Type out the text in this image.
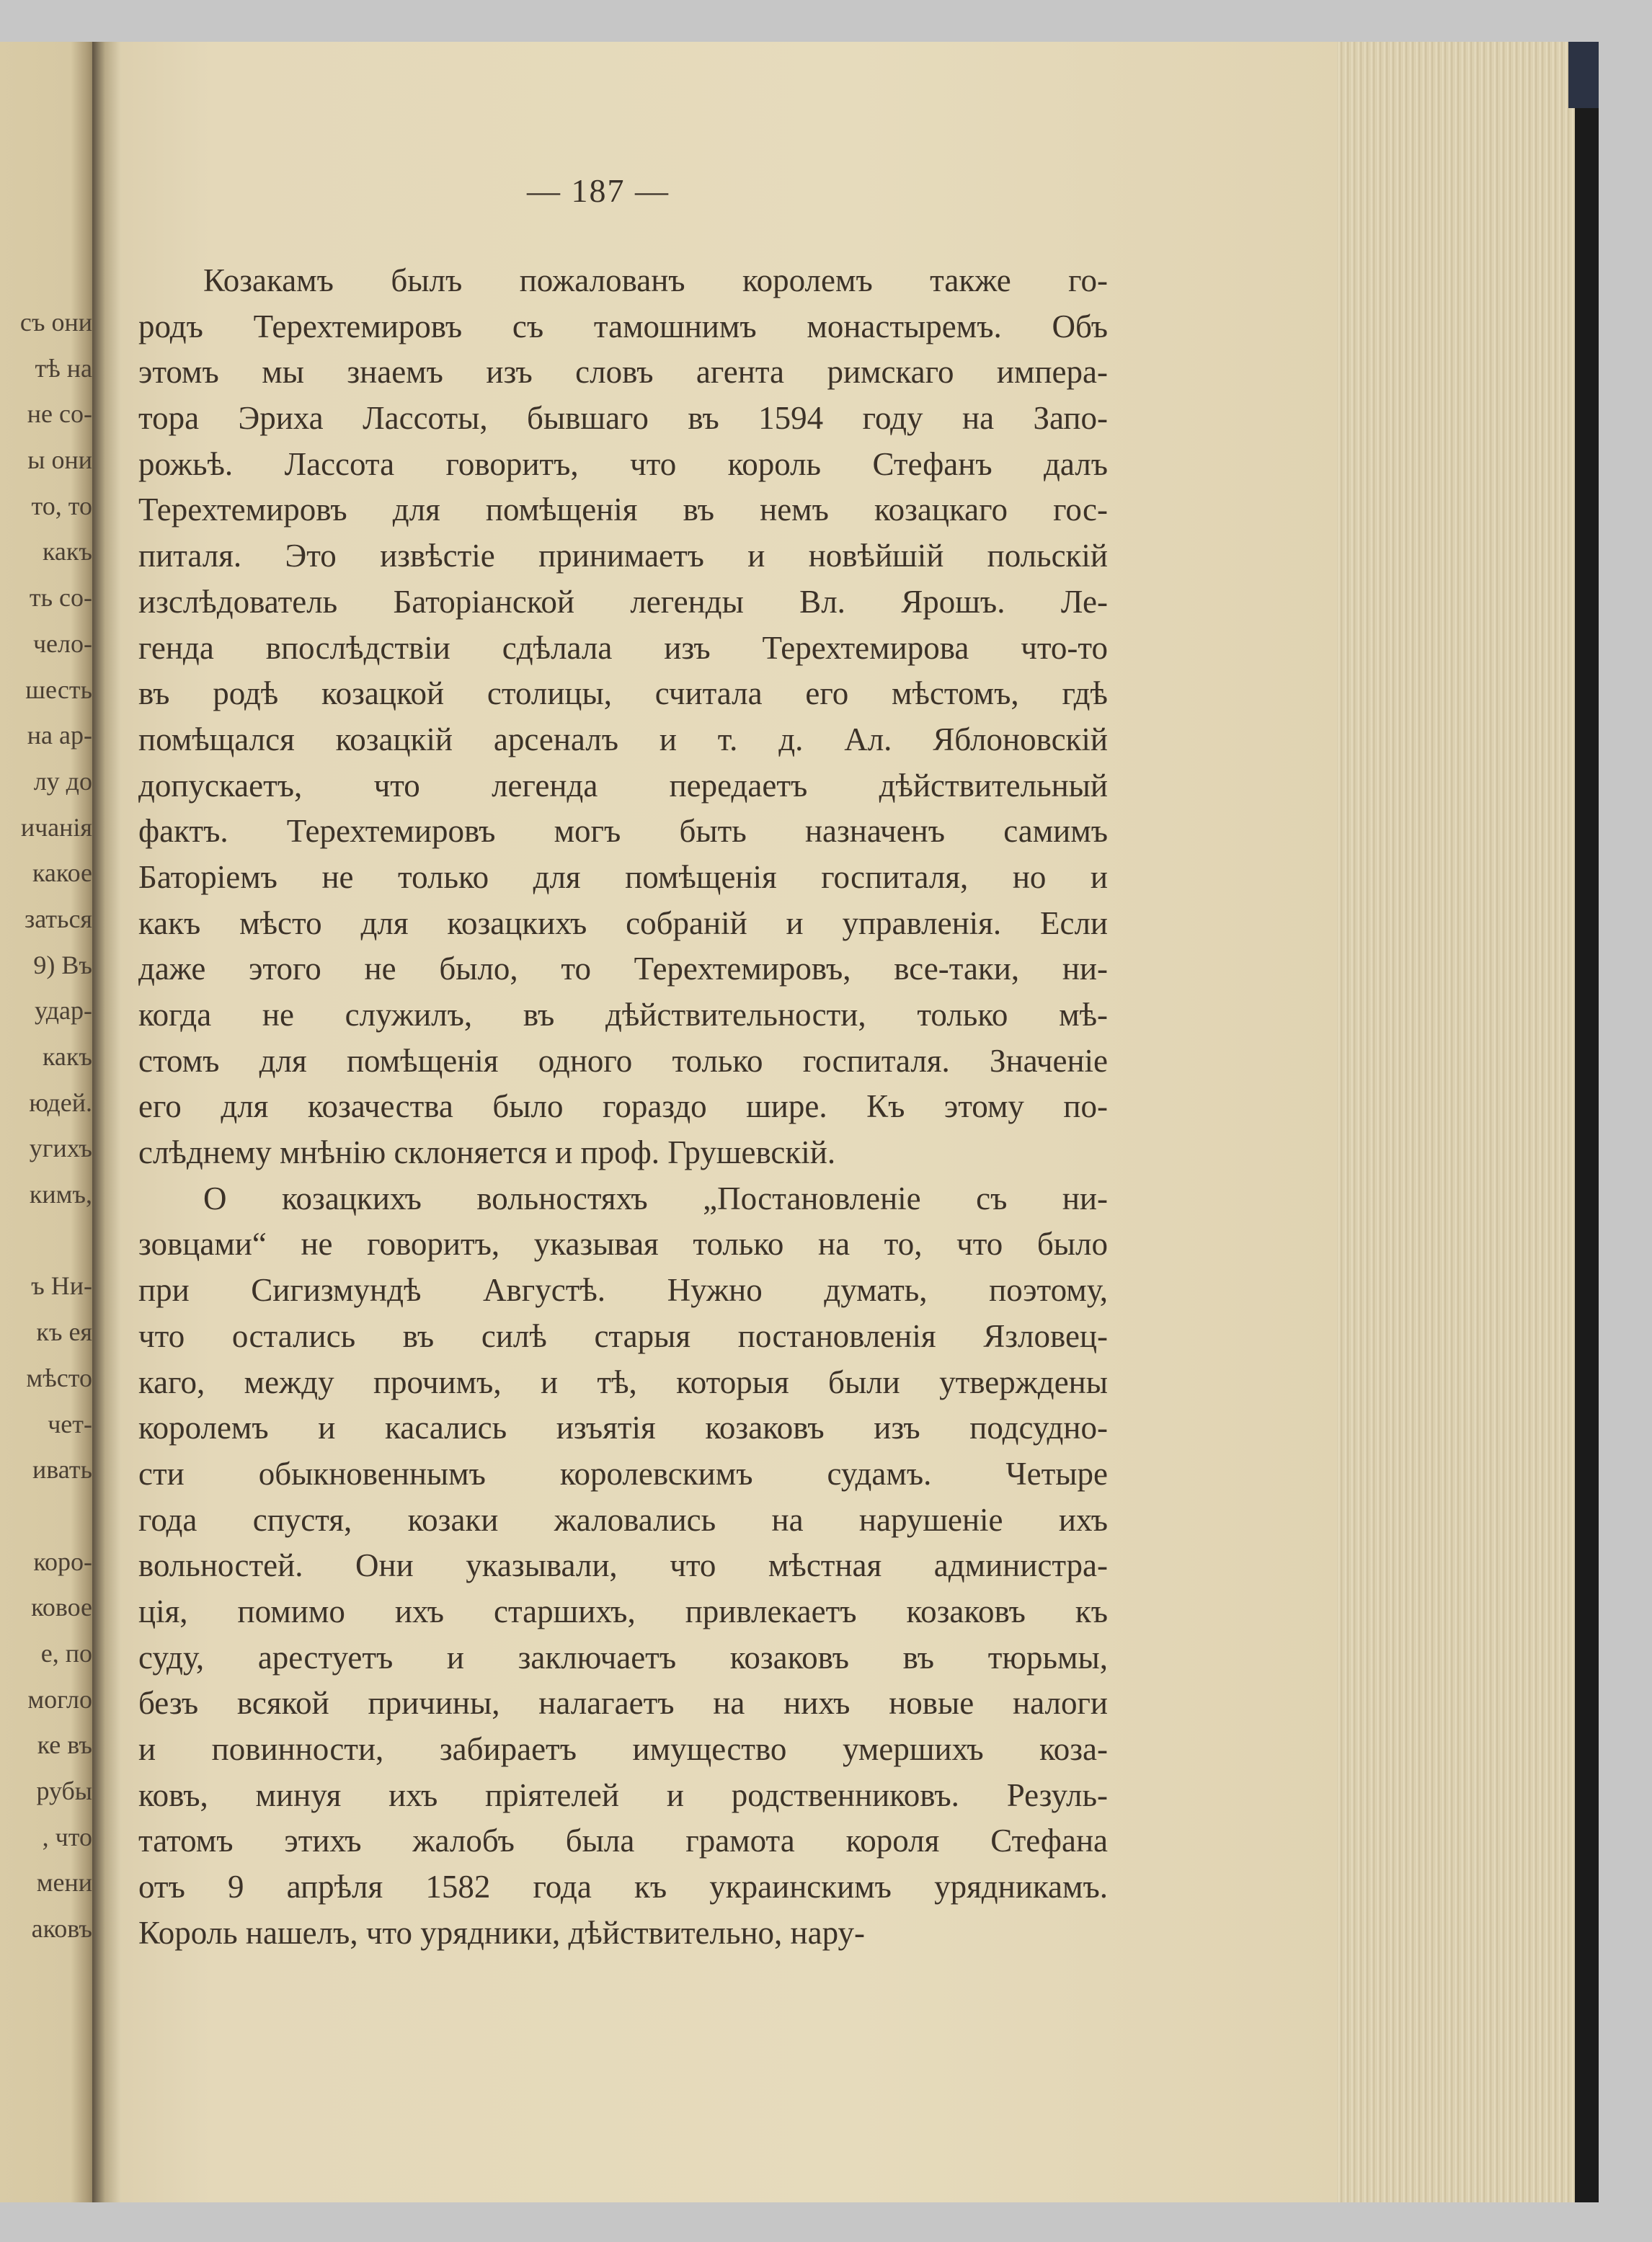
съ они
тѣ на
не со-
ы они
то, то
какъ
ть со-
чело-
шесть
на ар-
лу до
ичанія
какое
заться
9) Въ
удар-
какъ
юдей.
угихъ
кимъ,
ъ Ни-
къ ея
мѣсто
чет-
ивать
коро-
ковое
е, по
могло
ке въ
рубы
, что
мени
аковъ
— 187 —
Козакамъ былъ пожалованъ королемъ также го-
родъ Терехтемировъ съ тамошнимъ монастыремъ. Объ
этомъ мы знаемъ изъ словъ агента римскаго импера-
тора Эриха Ласcоты, бывшаго въ 1594 году на Запо-
рожьѣ. Ласcота говоритъ, что король Стефанъ далъ
Терехтемировъ для помѣщенія въ немъ козацкаго гос-
питаля. Это извѣстіе принимаетъ и новѣйшій польскій
изслѣдователь Баторіанской легенды Вл. Ярошъ. Ле-
генда впослѣдствіи сдѣлала изъ Терехтемирова что-то
въ родѣ козацкой столицы, считала его мѣстомъ, гдѣ
помѣщался козацкій арсеналъ и т. д. Ал. Яблоновскій
допускаетъ, что легенда передаетъ дѣйствительный
фактъ. Терехтемировъ могъ быть назначенъ самимъ
Баторіемъ не только для помѣщенія госпиталя, но и
какъ мѣсто для козацкихъ собраній и управленія. Если
даже этого не было, то Терехтемировъ, все-таки, ни-
когда не служилъ, въ дѣйствительности, только мѣ-
стомъ для помѣщенія одного только госпиталя. Значеніе
его для козачества было гораздо шире. Къ этому по-
слѣднему мнѣнію склоняется и проф. Грушевскій.
О козацкихъ вольностяхъ „Постановленіе съ ни-
зовцами“ не говоритъ, указывая только на то, что было
при Сигизмундѣ Августѣ. Нужно думать, поэтому,
что остались въ силѣ старыя постановленія Язловец-
каго, между прочимъ, и тѣ, которыя были утверждены
королемъ и касались изъятія козаковъ изъ подсудно-
сти обыкновеннымъ королевскимъ судамъ. Четыре
года спустя, козаки жаловались на нарушеніе ихъ
вольностей. Они указывали, что мѣстная администра-
ція, помимо ихъ старшихъ, привлекаетъ козаковъ къ
суду, арестуетъ и заключаетъ козаковъ въ тюрьмы,
безъ всякой причины, налагаетъ на нихъ новые налоги
и повинности, забираетъ имущество умершихъ коза-
ковъ, минуя ихъ пріятелей и родственниковъ. Резуль-
татомъ этихъ жалобъ была грамота короля Стефана
отъ 9 апрѣля 1582 года къ украинскимъ урядникамъ.
Король нашелъ, что урядники, дѣйствительно, нару-
